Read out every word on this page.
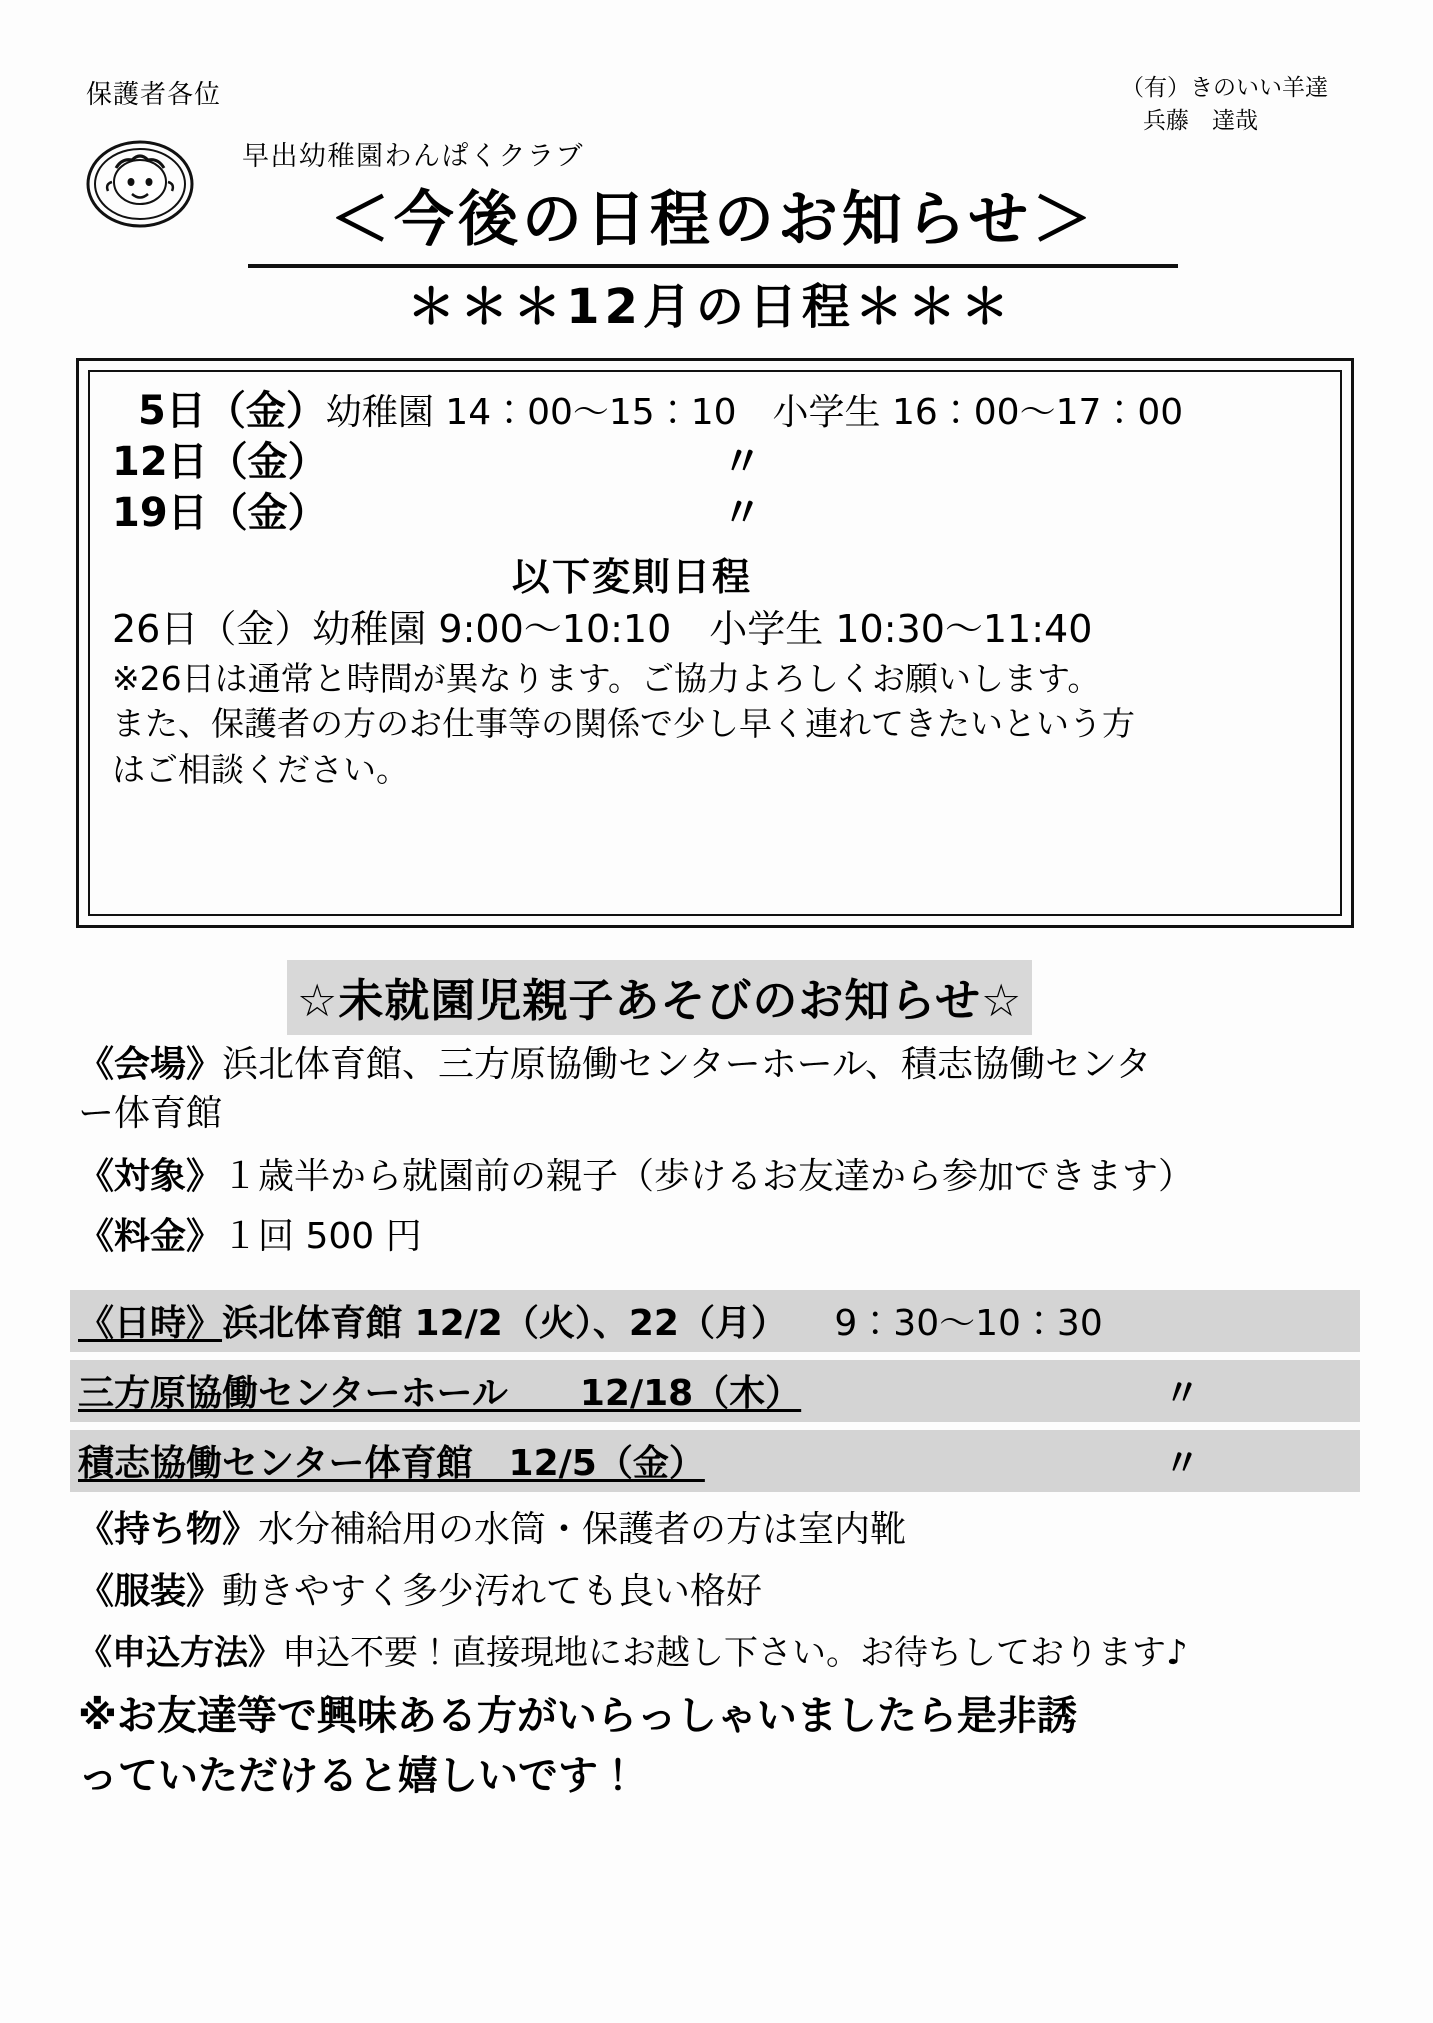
保護者各位	（有）きのいい羊達
兵藤　達哉
早出幼稚園わんぱくクラブ
＜今後の日程のお知らせ＞
＊＊＊12月の日程＊＊＊
5日（金）幼稚園 14：00～15：10　小学生 16：00～17：00
12日（金）	〃
19日（金）	〃
以下変則日程
26日（金）幼稚園 9:00～10:10　小学生 10:30～11:40
※26日は通常と時間が異なります。ご協力よろしくお願いします。
また、保護者の方のお仕事等の関係で少し早く連れてきたいという方
はご相談ください。
☆未就園児親子あそびのお知らせ☆
《会場》浜北体育館、三方原協働センターホール、積志協働センタ
ー体育館
《対象》１歳半から就園前の親子（歩けるお友達から参加できます）
《料金》１回 500 円
《日時》浜北体育館 12/2（火）、22（月） 9：30～10：30
三方原協働センターホール　　12/18（木）	〃
積志協働センター体育館　12/5（金）	〃
《持ち物》水分補給用の水筒・保護者の方は室内靴
《服装》動きやすく多少汚れても良い格好
《申込方法》申込不要！直接現地にお越し下さい。お待ちしております♪
※お友達等で興味ある方がいらっしゃいましたら是非誘
っていただけると嬉しいです！
